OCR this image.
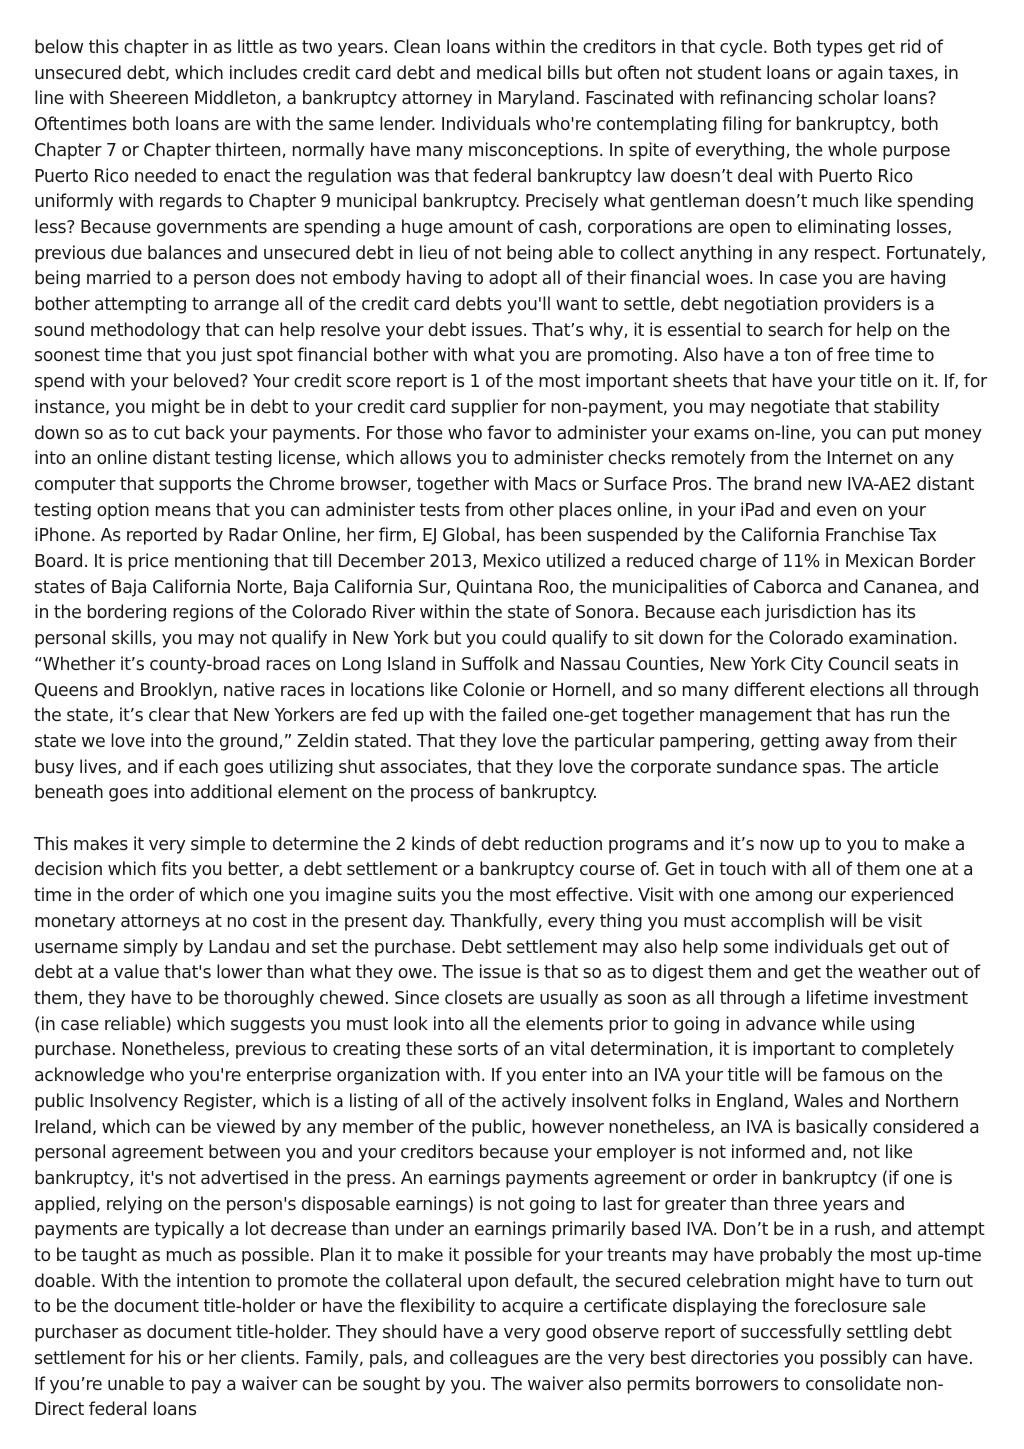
below this chapter in as little as two years. Clean loans within the creditors in that cycle. Both types get rid of unsecured debt, which includes credit card debt and medical bills but often not student loans or again taxes, in line with Sheereen Middleton, a bankruptcy attorney in Maryland. Fascinated with refinancing scholar loans? Oftentimes both loans are with the same lender. Individuals who're contemplating filing for bankruptcy, both Chapter 7 or Chapter thirteen, normally have many misconceptions. In spite of everything, the whole purpose Puerto Rico needed to enact the regulation was that federal bankruptcy law doesn’t deal with Puerto Rico uniformly with regards to Chapter 9 municipal bankruptcy. Precisely what gentleman doesn’t much like spending less? Because governments are spending a huge amount of cash, corporations are open to eliminating losses, previous due balances and unsecured debt in lieu of not being able to collect anything in any respect. Fortunately, being married to a person does not embody having to adopt all of their financial woes. In case you are having bother attempting to arrange all of the credit card debts you'll want to settle, debt negotiation providers is a sound methodology that can help resolve your debt issues. That’s why, it is essential to search for help on the soonest time that you just spot financial bother with what you are promoting. Also have a ton of free time to spend with your beloved? Your credit score report is 1 of the most important sheets that have your title on it. If, for instance, you might be in debt to your credit card supplier for non-payment, you may negotiate that stability down so as to cut back your payments. For those who favor to administer your exams on-line, you can put money into an online distant testing license, which allows you to administer checks remotely from the Internet on any computer that supports the Chrome browser, together with Macs or Surface Pros. The brand new IVA-AE2 distant testing option means that you can administer tests from other places online, in your iPad and even on your iPhone. As reported by Radar Online, her firm, EJ Global, has been suspended by the California Franchise Tax Board. It is price mentioning that till December 2013, Mexico utilized a reduced charge of 11% in Mexican Border states of Baja California Norte, Baja California Sur, Quintana Roo, the municipalities of Caborca and Cananea, and in the bordering regions of the Colorado River within the state of Sonora. Because each jurisdiction has its personal skills, you may not qualify in New York but you could qualify to sit down for the Colorado examination. “Whether it’s county-broad races on Long Island in Suffolk and Nassau Counties, New York City Council seats in Queens and Brooklyn, native races in locations like Colonie or Hornell, and so many different elections all through the state, it’s clear that New Yorkers are fed up with the failed one-get together management that has run the state we love into the ground,” Zeldin stated. That they love the particular pampering, getting away from their busy lives, and if each goes utilizing shut associates, that they love the corporate sundance spas. The article beneath goes into additional element on the process of bankruptcy.

This makes it very simple to determine the 2 kinds of debt reduction programs and it’s now up to you to make a decision which fits you better, a debt settlement or a bankruptcy course of. Get in touch with all of them one at a time in the order of which one you imagine suits you the most effective. Visit with one among our experienced monetary attorneys at no cost in the present day. Thankfully, every thing you must accomplish will be visit username simply by Landau and set the purchase. Debt settlement may also help some individuals get out of debt at a value that's lower than what they owe. The issue is that so as to digest them and get the weather out of them, they have to be thoroughly chewed. Since closets are usually as soon as all through a lifetime investment (in case reliable) which suggests you must look into all the elements prior to going in advance while using purchase. Nonetheless, previous to creating these sorts of an vital determination, it is important to completely acknowledge who you're enterprise organization with. If you enter into an IVA your title will be famous on the public Insolvency Register, which is a listing of all of the actively insolvent folks in England, Wales and Northern Ireland, which can be viewed by any member of the public, however nonetheless, an IVA is basically considered a personal agreement between you and your creditors because your employer is not informed and, not like bankruptcy, it's not advertised in the press. An earnings payments agreement or order in bankruptcy (if one is applied, relying on the person's disposable earnings) is not going to last for greater than three years and payments are typically a lot decrease than under an earnings primarily based IVA. Don’t be in a rush, and attempt to be taught as much as possible. Plan it to make it possible for your treants may have probably the most up-time doable. With the intention to promote the collateral upon default, the secured celebration might have to turn out to be the document title-holder or have the flexibility to acquire a certificate displaying the foreclosure sale purchaser as document title-holder. They should have a very good observe report of successfully settling debt settlement for his or her clients. Family, pals, and colleagues are the very best directories you possibly can have. If you’re unable to pay a waiver can be sought by you. The waiver also permits borrowers to consolidate non-Direct federal loans
